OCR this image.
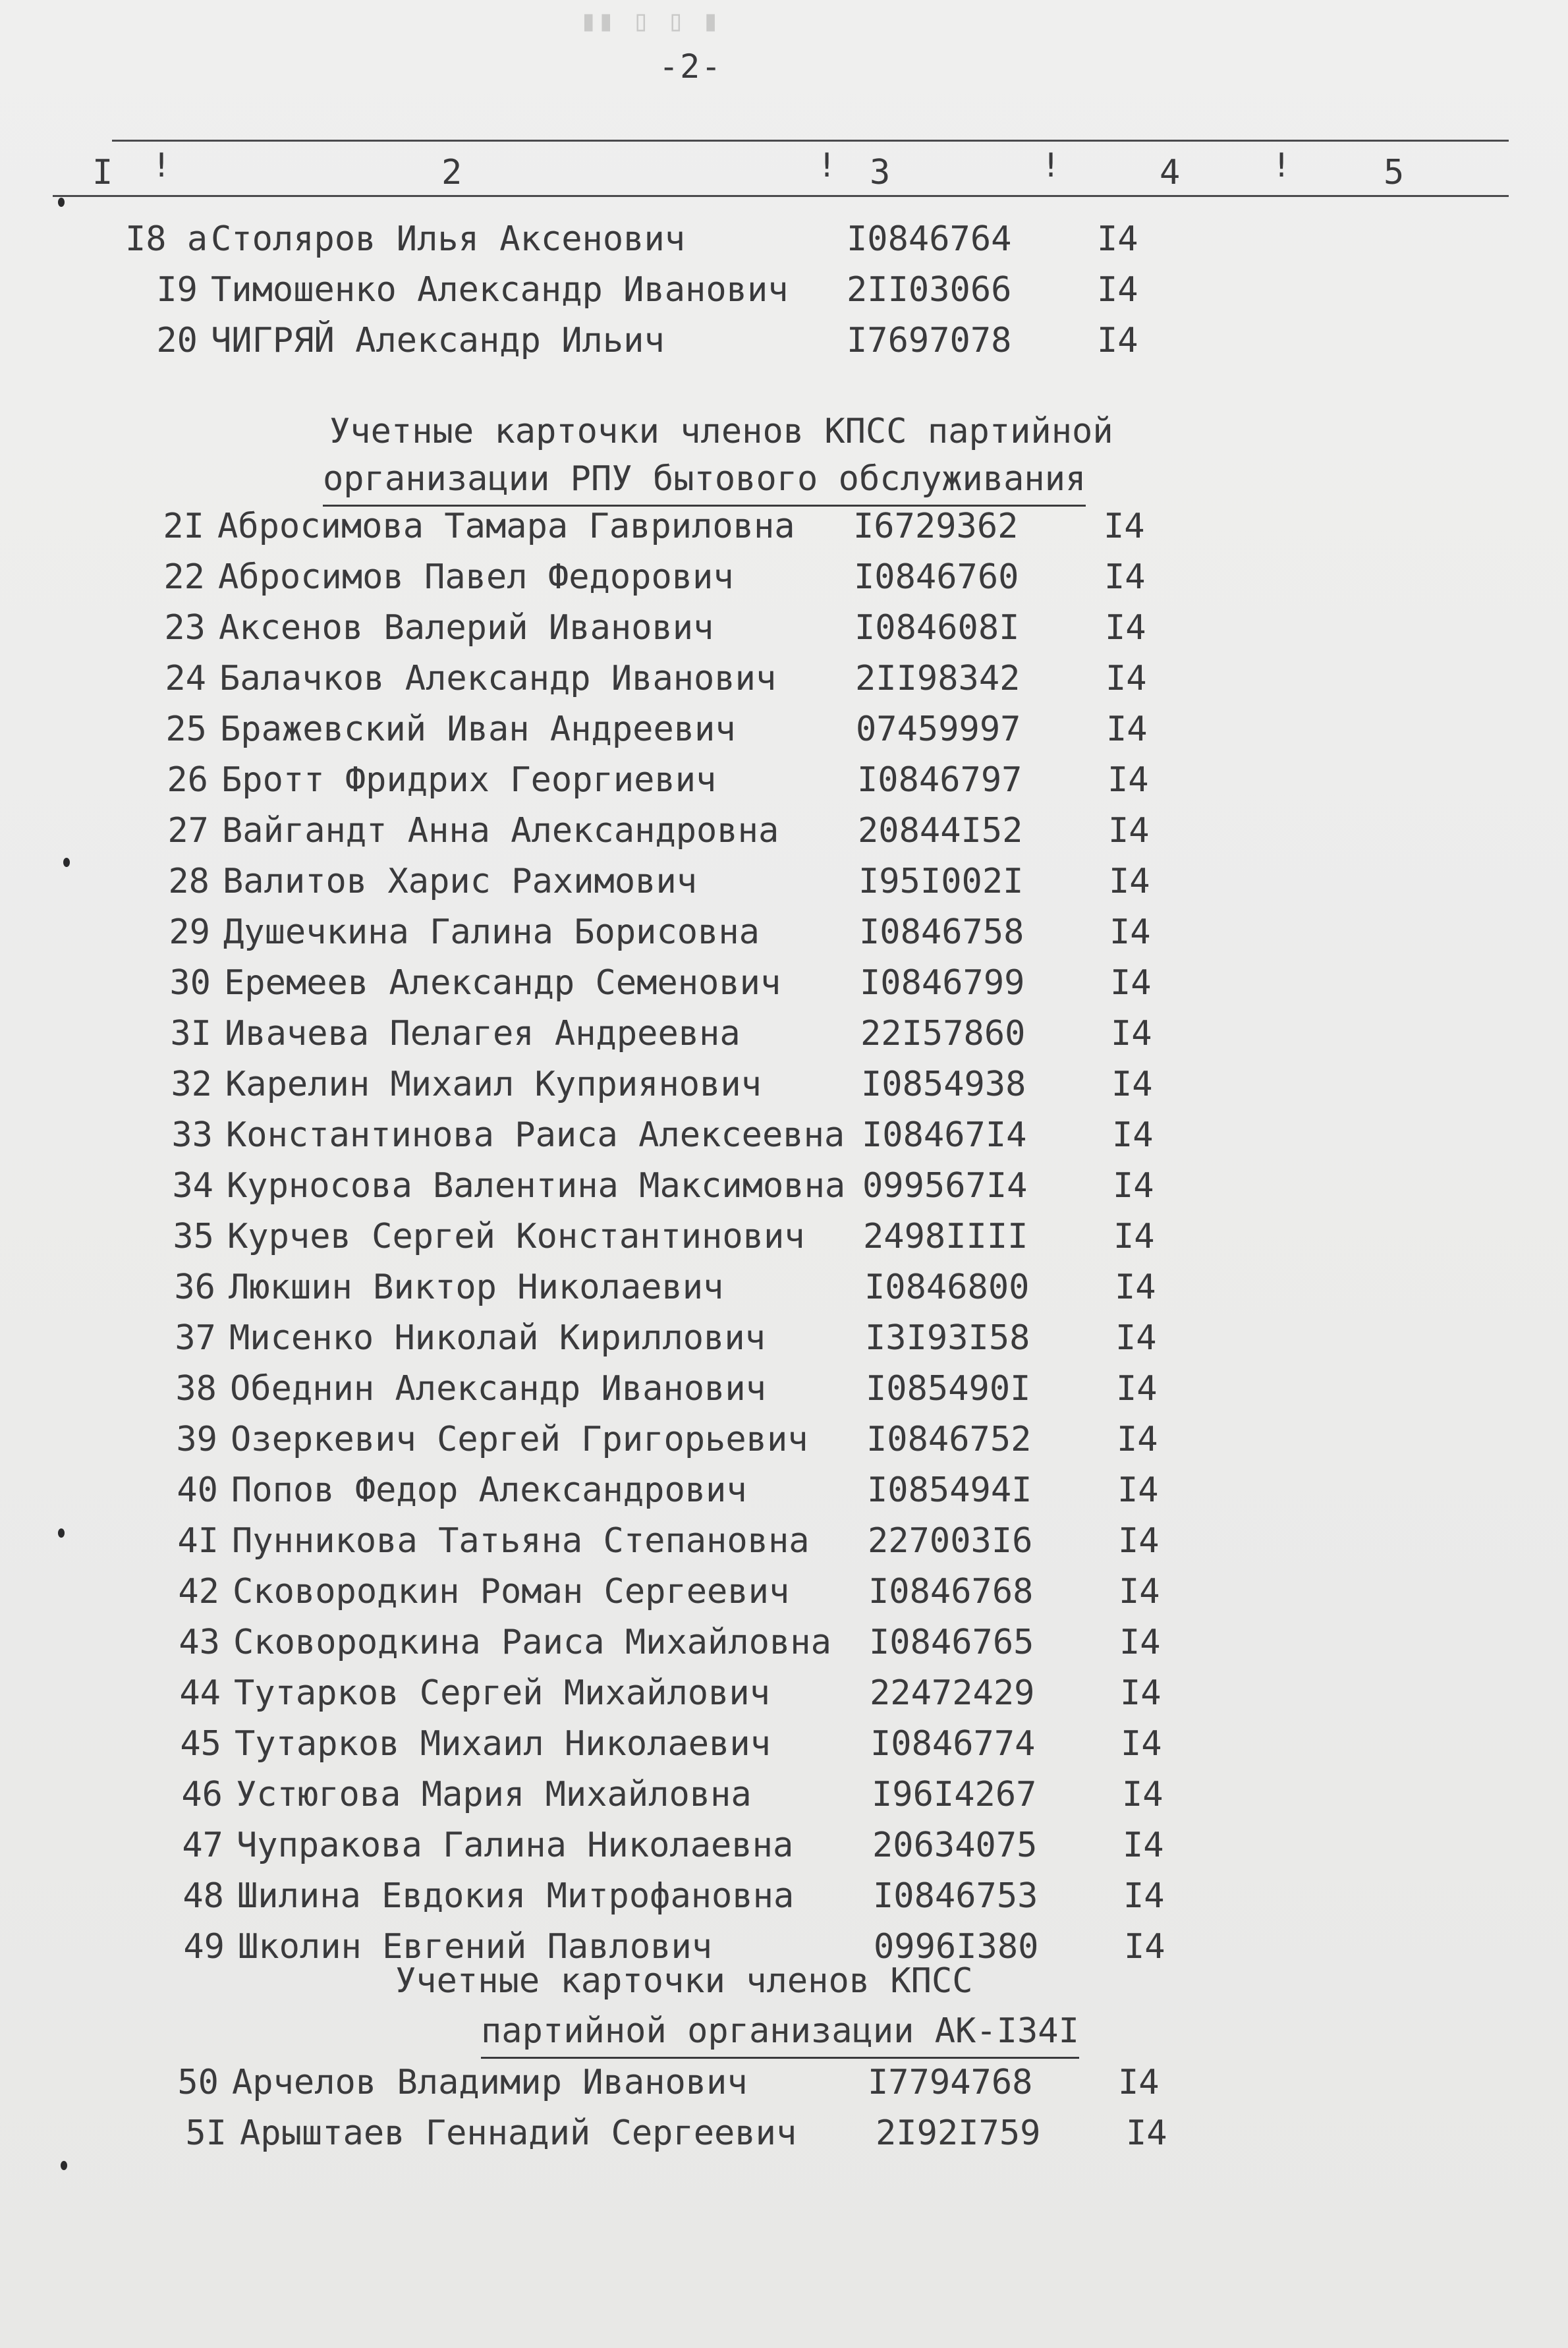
▮▮ ▯ ▯ ▮
-2-
I !	2	! 3	!	4	!	5
I8 а Столяров Илья Аксенович	I0846764 I4
I9 Тимошенко Александр Иванович 2II03066 I4
20 ЧИГРЯЙ Александр Ильич	I7697078 I4
Учетные карточки членов КПСС партийной
организации РПУ бытового обслуживания
2I Абросимова Тамара Гавриловна I6729362 I4
22 Абросимов Павел Федорович	I0846760 I4
23 Аксенов Валерий Иванович	I084608I I4
24 Балачков Александр Иванович 2II98342 I4
25 Бражевский Иван Андреевич	07459997 I4
26 Бротт Фридрих Георгиевич	I0846797 I4
27 Вайгандт Анна Александровна 20844I52 I4
28 Валитов Харис Рахимович	I95I002I I4
29 Душечкина Галина Борисовна	I0846758 I4
30 Еремеев Александр Семенович I0846799 I4
3I Ивачева Пелагея Андреевна	22I57860 I4
32 Карелин Михаил Куприянович	I0854938 I4
33 Константинова Раиса Алексеевна I08467I4 I4
34 Курносова Валентина Максимовна 099567I4 I4
35 Курчев Сергей Константинович 2498IIII I4
36 Люкшин Виктор Николаевич	I0846800 I4
37 Мисенко Николай Кириллович	I3I93I58 I4
38 Обеднин Александр Иванович	I085490I I4
39 Озеркевич Сергей Григорьевич I0846752 I4
40 Попов Федор Александрович	I085494I I4
4I Пунникова Татьяна Степановна 227003I6 I4
42 Сковородкин Роман Сергеевич I0846768 I4
43 Сковородкина Раиса Михайловна I0846765 I4
44 Тутарков Сергей Михайлович	22472429 I4
45 Тутарков Михаил Николаевич	I0846774 I4
46 Устюгова Мария Михайловна	I96I4267 I4
47 Чупракова Галина Николаевна 20634075 I4
48 Шилина Евдокия Митрофановна I0846753 I4
49 Школин Евгений Павлович	0996I380 I4
Учетные карточки членов КПСС
партийной организации АК-I34I
50 Арчелов Владимир Иванович	I7794768 I4
5I Арыштаев Геннадий Сергеевич 2I92I759 I4
